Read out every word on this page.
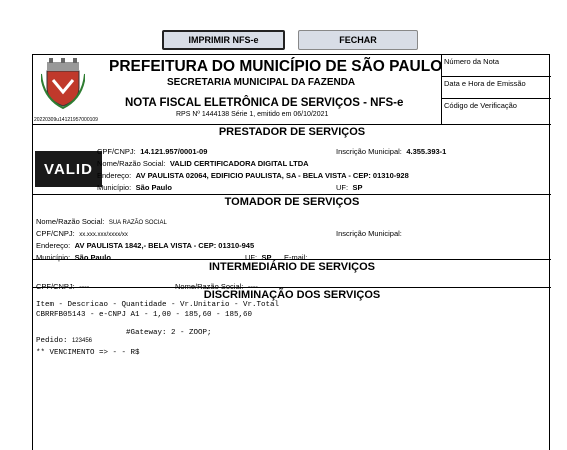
IMPRIMIR NFS-e	FECHAR
20220309u14121957000109
PREFEITURA DO MUNICÍPIO DE SÃO PAULO
SECRETARIA MUNICIPAL DA FAZENDA
NOTA FISCAL ELETRÔNICA DE SERVIÇOS - NFS-e
RPS Nº 1444138 Série 1, emitido em 06/10/2021
Número da Nota
Data e Hora de Emissão
Código de Verificação
PRESTADOR DE SERVIÇOS
VALID
CPF/CNPJ: 14.121.957/0001-09	Inscrição Municipal: 4.355.393-1
Nome/Razão Social: VALID CERTIFICADORA DIGITAL LTDA
Endereço: AV PAULISTA 02064, EDIFICIO PAULISTA, SA - BELA VISTA - CEP: 01310-928
Município: São Paulo	UF: SP
TOMADOR DE SERVIÇOS
Nome/Razão Social: SUA RAZÃO SOCIAL
CPF/CNPJ: xx.xxx.xxx/xxxx/xx	Inscrição Municipal:
Endereço: AV PAULISTA 1842,- BELA VISTA - CEP: 01310-945
Município: São Paulo	UF: SP E-mail:
INTERMEDIÁRIO DE SERVIÇOS
CPF/CNPJ: ----	Nome/Razão Social: ----
DISCRIMINAÇÃO DOS SERVIÇOS
Item - Descricao - Quantidade - Vr.Unitario - Vr.Total
CBRRFB05143 - e-CNPJ A1 - 1,00 - 185,60 - 185,60
Pedido: 123456
#Gateway: 2 - ZOOP;
** VENCIMENTO => - - R$
